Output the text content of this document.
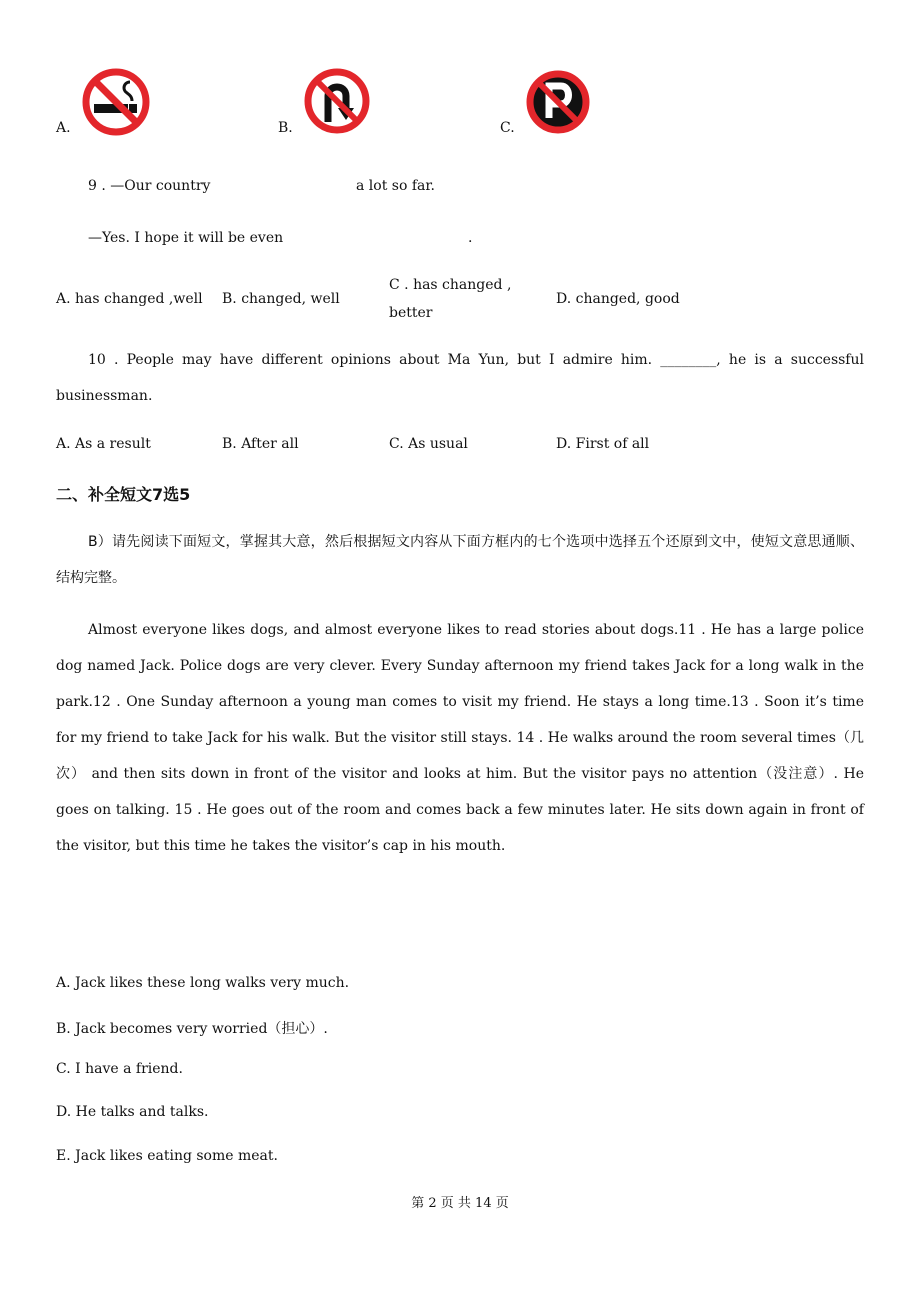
A.	B.	C.
9 . —Our country	a lot so far.
—Yes. I hope it will be even	.
A. has changed ,well B. changed, well
C . has changed ,
better
D. changed, good
10 . People may have different opinions about Ma Yun, but I admire him. ________, he is a successful businessman.
A. As a result	B. After all	C. As usual	D. First of all
二、补全短文7选5
B）请先阅读下面短文，掌握其大意，然后根据短文内容从下面方框内的七个选项中选择五个还原到文中，使短文意思通顺、结构完整。
Almost everyone likes dogs, and almost everyone likes to read stories about dogs.11 . He has a large police dog named Jack. Police dogs are very clever. Every Sunday afternoon my friend takes Jack for a long walk in the park.12 . One Sunday afternoon a young man comes to visit my friend. He stays a long time.13 . Soon it’s time for my friend to take Jack for his walk. But the visitor still stays. 14 . He walks around the room several times（几次） and then sits down in front of the visitor and looks at him. But the visitor pays no attention（没注意）. He goes on talking. 15 . He goes out of the room and comes back a few minutes later. He sits down again in front of the visitor, but this time he takes the visitor’s cap in his mouth.
A. Jack likes these long walks very much.
B. Jack becomes very worried（担心）.
C. I have a friend.
D. He talks and talks.
E. Jack likes eating some meat.
第 2 页 共 14 页
